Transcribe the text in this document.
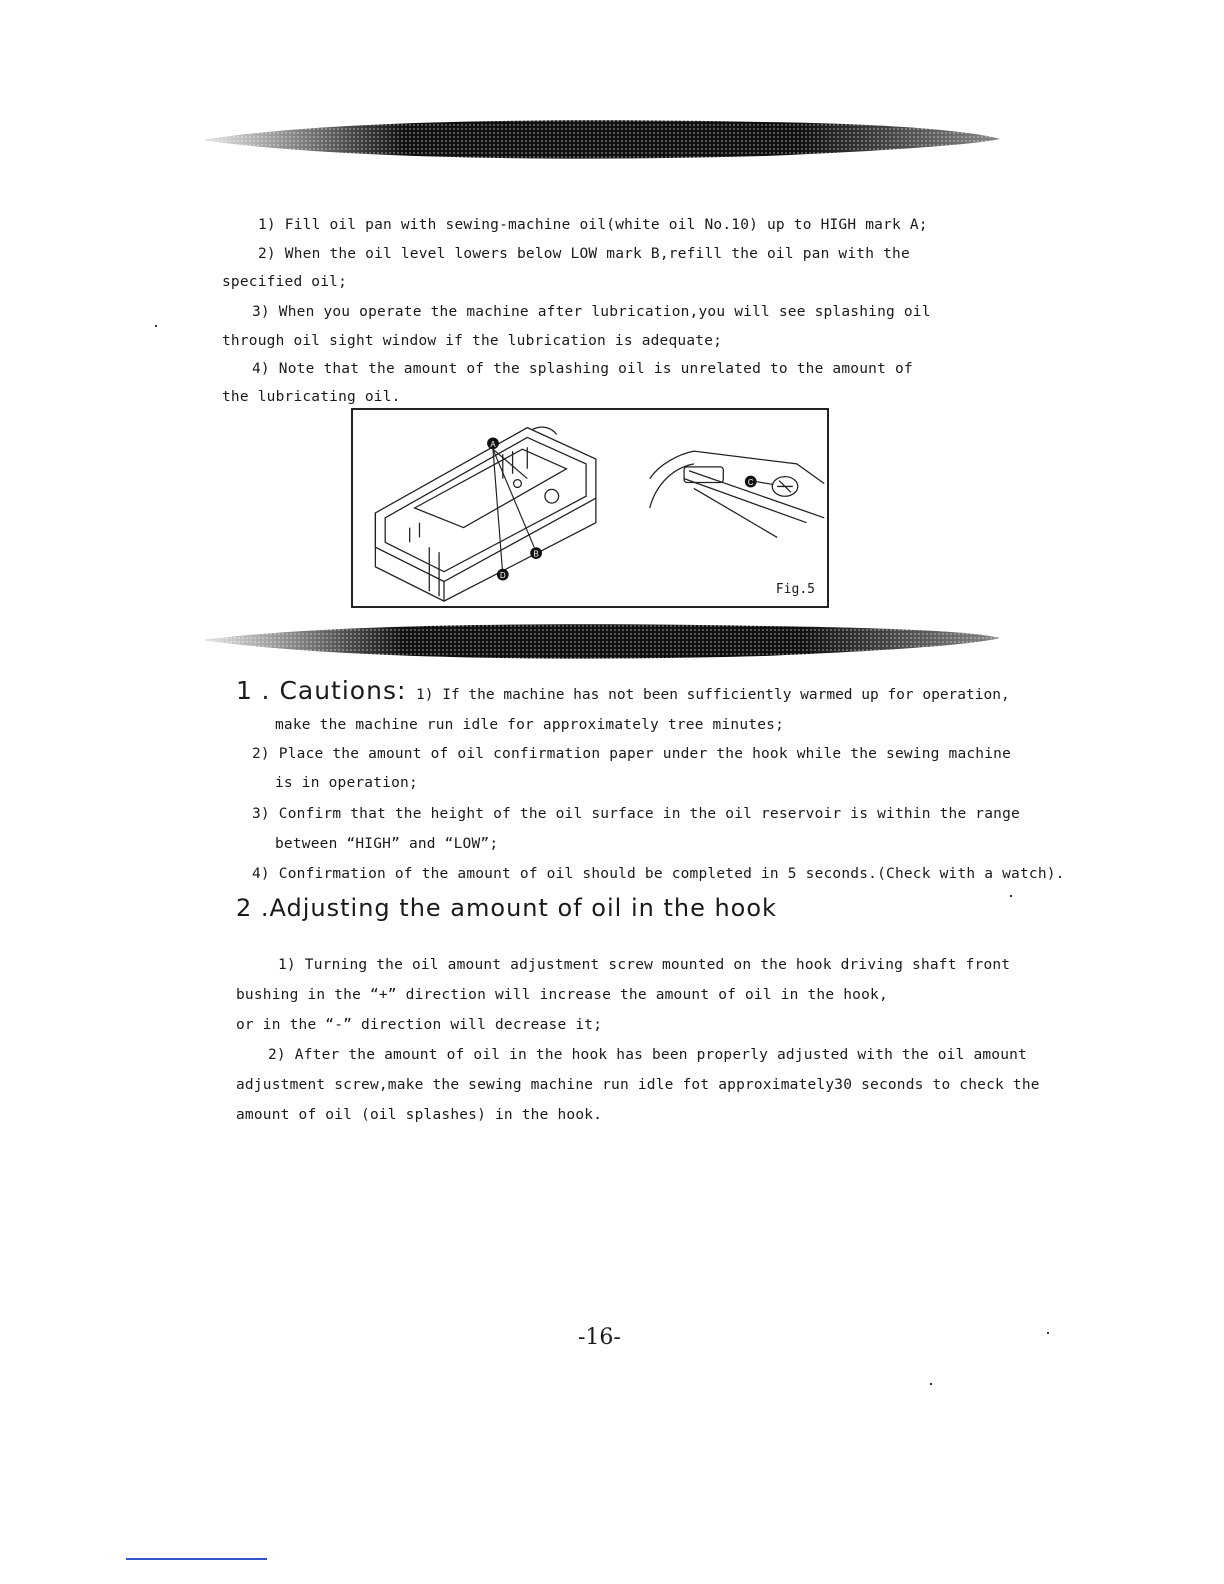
1) Fill oil pan with sewing-machine oil(white oil No.10) up to HIGH mark A;
2) When the oil level lowers below LOW mark B,refill the oil pan with the
specified oil;
3) When you operate the machine after lubrication,you will see splashing oil
through oil sight window if the lubrication is adequate;
4) Note that the amount of the splashing oil is unrelated to the amount of
the lubricating oil.
A
B
D
C
Fig.5
1 . Cautions: 1) If the machine has not been sufficiently warmed up for operation,
make the machine run idle for approximately tree minutes;
2) Place the amount of oil confirmation paper under the hook while the sewing machine
is in operation;
3) Confirm that the height of the oil surface in the oil reservoir is within the range
between “HIGH” and “LOW”;
4) Confirmation of the amount of oil should be completed in 5 seconds.(Check with a watch).
2 .Adjusting the amount of oil in the hook
1) Turning the oil amount adjustment screw mounted on the hook driving shaft front
bushing in the “+” direction will increase the amount of oil in the hook,
or in the “-” direction will decrease it;
2) After the amount of oil in the hook has been properly adjusted with the oil amount
adjustment screw,make the sewing machine run idle fot approximately30 seconds to check the
amount of oil (oil splashes) in the hook.
-16-
